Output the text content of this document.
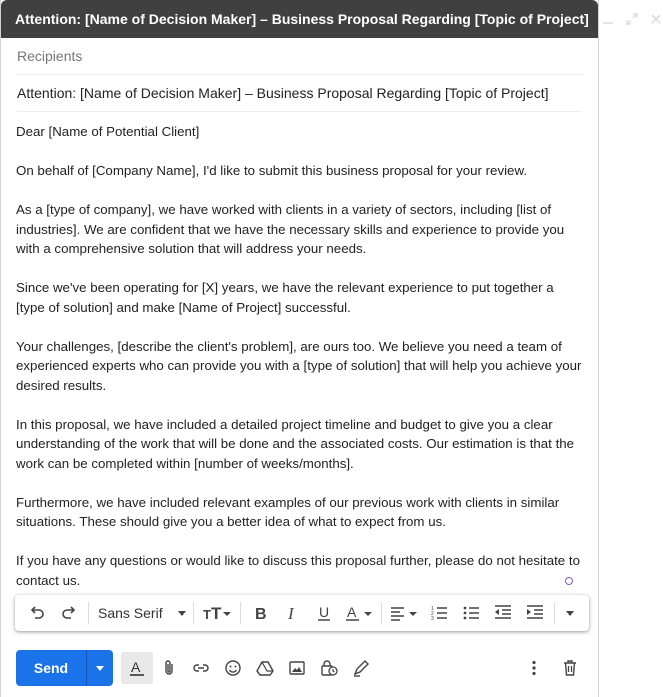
Attention: [Name of Decision Maker] – Business Proposal Regarding [Topic of Project]
Recipients
Attention: [Name of Decision Maker] – Business Proposal Regarding [Topic of Project]

Dear [Name of Potential Client]

On behalf of [Company Name], I'd like to submit this business proposal for your review.

As a [type of company], we have worked with clients in a variety of sectors, including [list of industries]. We are confident that we have the necessary skills and experience to provide you with a comprehensive solution that will address your needs.

Since we've been operating for [X] years, we have the relevant experience to put together a [type of solution] and make [Name of Project] successful.

Your challenges, [describe the client's problem], are ours too. We believe you need a team of experienced experts who can provide you with a [type of solution] that will help you achieve your desired results.

In this proposal, we have included a detailed project timeline and budget to give you a clear understanding of the work that will be done and the associated costs. Our estimation is that the work can be completed within [number of weeks/months].

Furthermore, we have included relevant examples of our previous work with clients in similar situations. These should give you a better idea of what to expect from us.

If you have any questions or would like to discuss this proposal further, please do not hesitate to contact us.

Sans Serif	T T B I U A	1
2
3
Send	A
